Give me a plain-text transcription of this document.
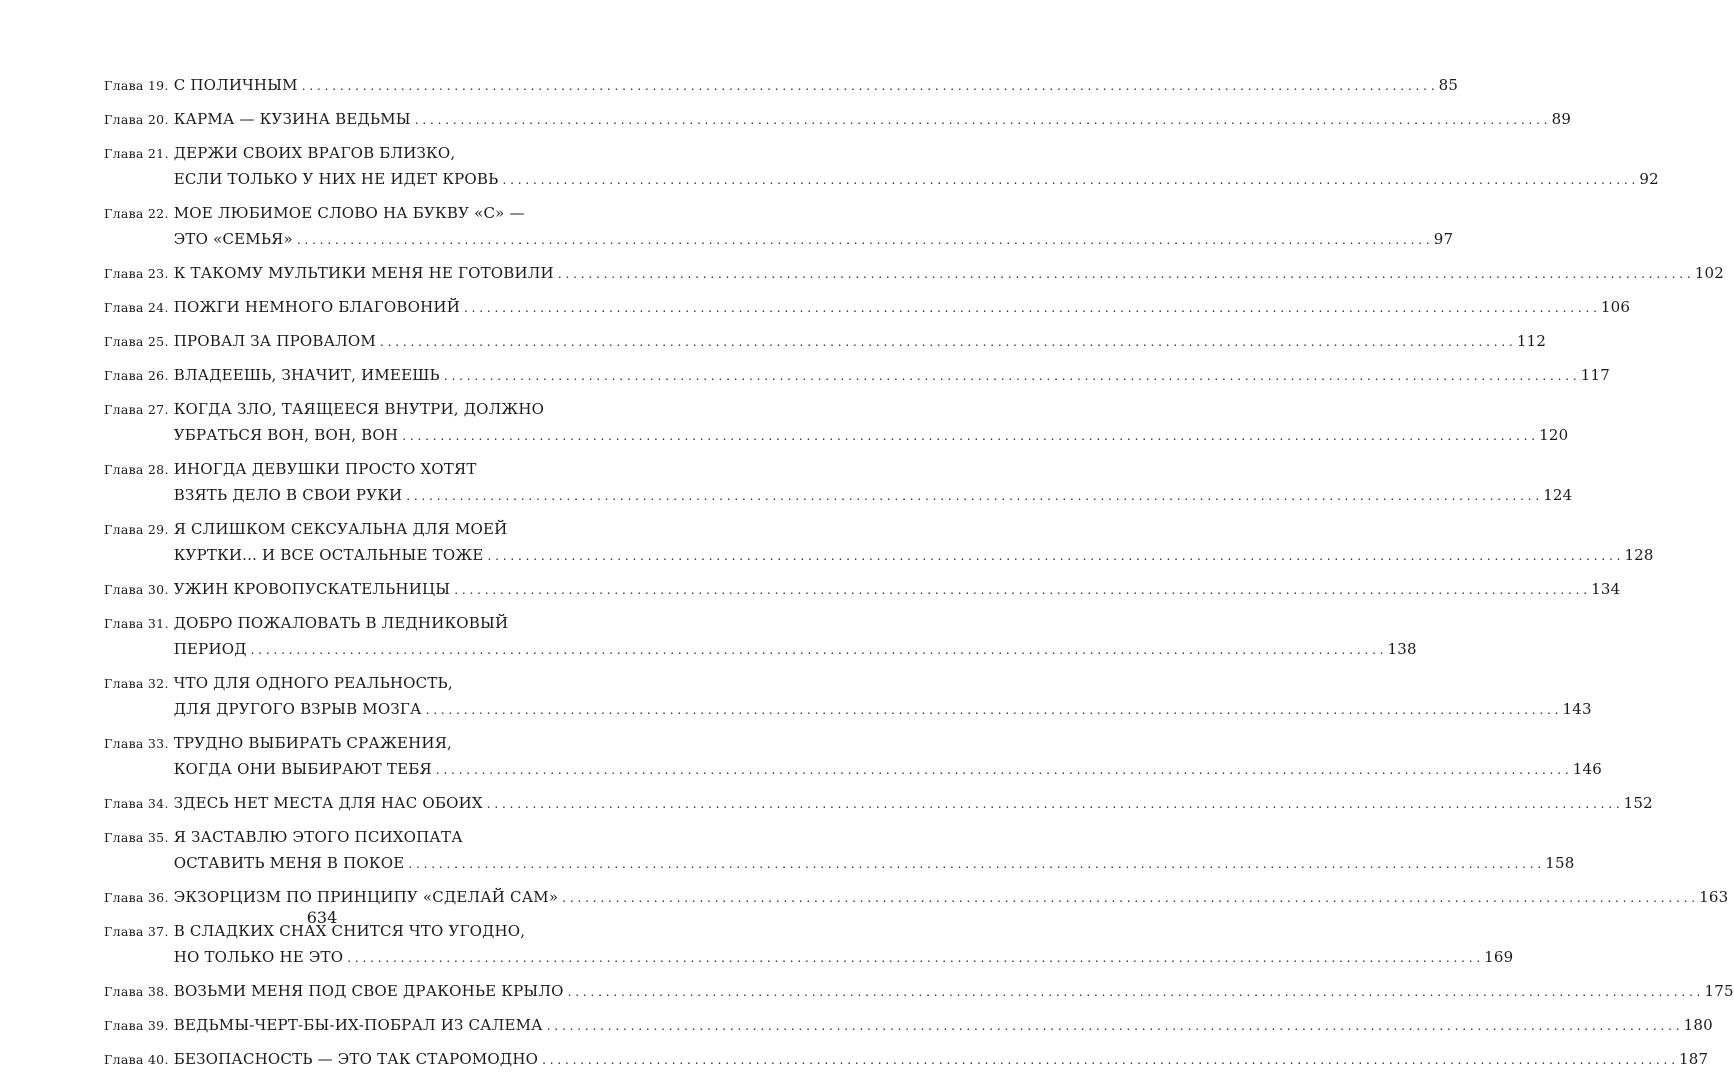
Глава 19. С ПОЛИЧНЫМ . . .	85
Глава 20. КАРМА — КУЗИНА ВЕДЬМЫ . . .	89
Глава 21. ДЕРЖИ СВОИХ ВРАГОВ БЛИЗКО,
ЕСЛИ ТОЛЬКО У НИХ НЕ ИДЕТ КРОВЬ . . .	92
Глава 22. МОЕ ЛЮБИМОЕ СЛОВО НА БУКВУ «С» —
ЭТО «СЕМЬЯ» . . .	97
Глава 23. К ТАКОМУ МУЛЬТИКИ МЕНЯ НЕ ГОТОВИЛИ . . .	102
Глава 24. ПОЖГИ НЕМНОГО БЛАГОВОНИЙ . . .	106
Глава 25. ПРОВАЛ ЗА ПРОВАЛОМ . . .	112
Глава 26. ВЛАДЕЕШЬ, ЗНАЧИТ, ИМЕЕШЬ . . .	117
Глава 27. КОГДА ЗЛО, ТАЯЩЕЕСЯ ВНУТРИ, ДОЛЖНО
УБРАТЬСЯ ВОН, ВОН, ВОН . . .	120
Глава 28. ИНОГДА ДЕВУШКИ ПРОСТО ХОТЯТ
ВЗЯТЬ ДЕЛО В СВОИ РУКИ . . .	124
Глава 29. Я СЛИШКОМ СЕКСУАЛЬНА ДЛЯ МОЕЙ
КУРТКИ... И ВСЕ ОСТАЛЬНЫЕ ТОЖЕ . . .	128
Глава 30. УЖИН КРОВОПУСКАТЕЛЬНИЦЫ . . .	134
Глава 31. ДОБРО ПОЖАЛОВАТЬ В ЛЕДНИКОВЫЙ
ПЕРИОД . . .	138
Глава 32. ЧТО ДЛЯ ОДНОГО РЕАЛЬНОСТЬ,
ДЛЯ ДРУГОГО ВЗРЫВ МОЗГА . . .	143
Глава 33. ТРУДНО ВЫБИРАТЬ СРАЖЕНИЯ,
КОГДА ОНИ ВЫБИРАЮТ ТЕБЯ . . .	146
Глава 34. ЗДЕСЬ НЕТ МЕСТА ДЛЯ НАС ОБОИХ . . .	152
Глава 35. Я ЗАСТАВЛЮ ЭТОГО ПСИХОПАТА
ОСТАВИТЬ МЕНЯ В ПОКОЕ . . .	158
Глава 36. ЭКЗОРЦИЗМ ПО ПРИНЦИПУ «СДЕЛАЙ САМ» . . .	163
Глава 37. В СЛАДКИХ СНАХ СНИТСЯ ЧТО УГОДНО,
НО ТОЛЬКО НЕ ЭТО . . .	169
Глава 38. ВОЗЬМИ МЕНЯ ПОД СВОЕ ДРАКОНЬЕ КРЫЛО . . .	175
Глава 39. ВЕДЬМЫ-ЧЕРТ-БЫ-ИХ-ПОБРАЛ ИЗ САЛЕМА . . .	180
Глава 40. БЕЗОПАСНОСТЬ — ЭТО ТАК СТАРОМОДНО . . .	187
634
